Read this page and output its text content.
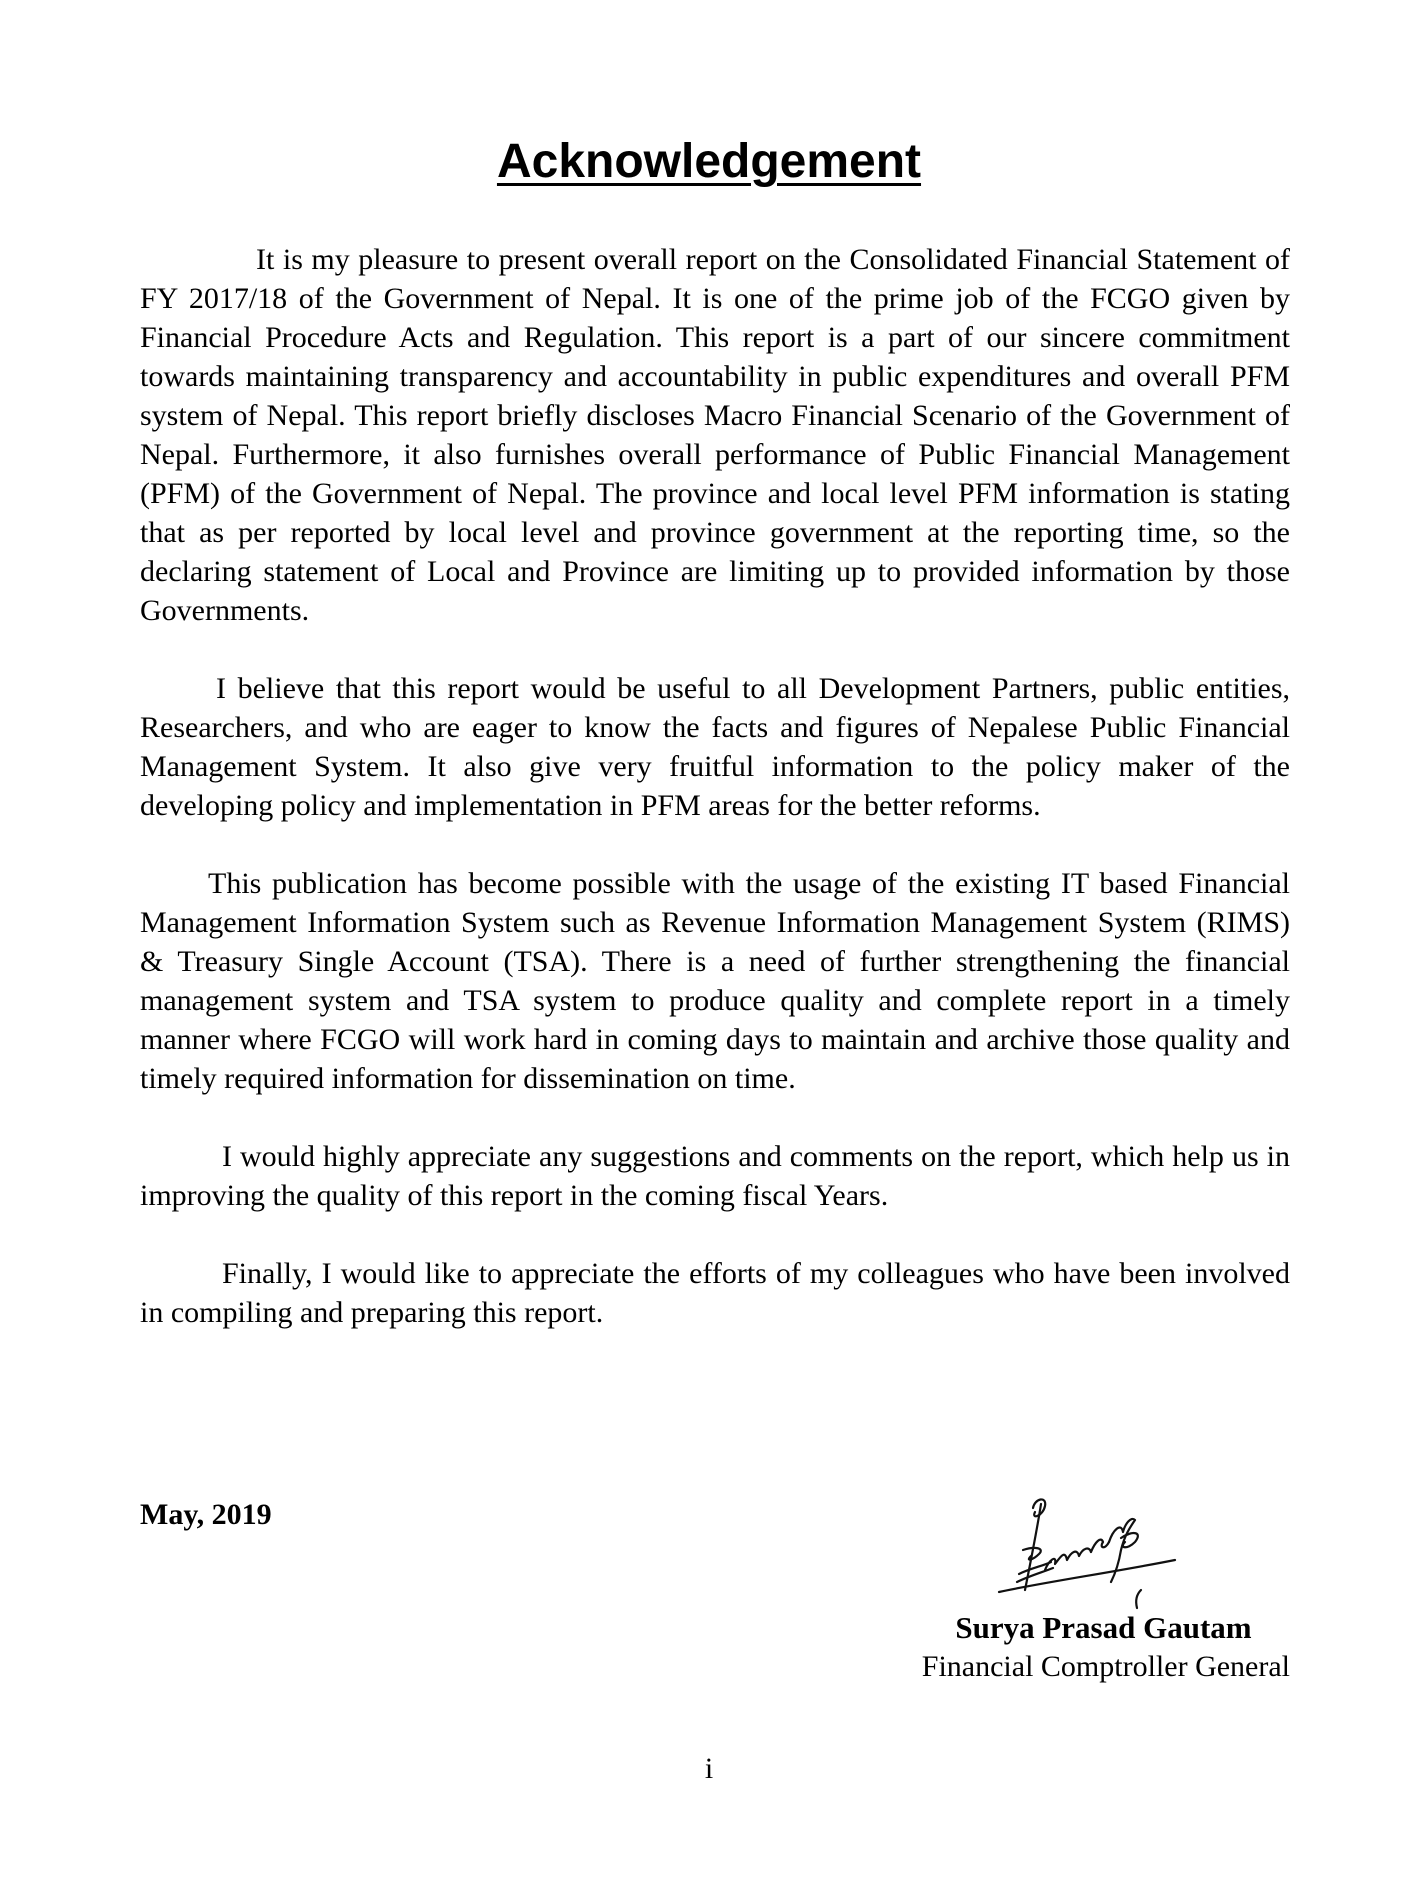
Acknowledgement

It is my pleasure to present overall report on the Consolidated Financial Statement of FY 2017/18 of the Government of Nepal. It is one of the prime job of the FCGO given by Financial Procedure Acts and Regulation. This report is a part of our sincere commitment towards maintaining transparency and accountability in public expenditures and overall PFM system of Nepal. This report briefly discloses Macro Financial Scenario of the Government of Nepal. Furthermore, it also furnishes overall performance of Public Financial Management (PFM) of the Government of Nepal. The province and local level PFM information is stating that as per reported by local level and province government at the reporting time, so the declaring statement of Local and Province are limiting up to provided information by those Governments.

I believe that this report would be useful to all Development Partners, public entities, Researchers, and who are eager to know the facts and figures of Nepalese Public Financial Management System. It also give very fruitful information to the policy maker of the developing policy and implementation in PFM areas for the better reforms.

This publication has become possible with the usage of the existing IT based Financial Management Information System such as Revenue Information Management System (RIMS) & Treasury Single Account (TSA). There is a need of further strengthening the financial management system and TSA system to produce quality and complete report in a timely manner where FCGO will work hard in coming days to maintain and archive those quality and timely required information for dissemination on time.

I would highly appreciate any suggestions and comments on the report, which help us in improving the quality of this report in the coming fiscal Years.

Finally, I would like to appreciate the efforts of my colleagues who have been involved in compiling and preparing this report.

May, 2019
Surya Prasad Gautam
Financial Comptroller General
i
